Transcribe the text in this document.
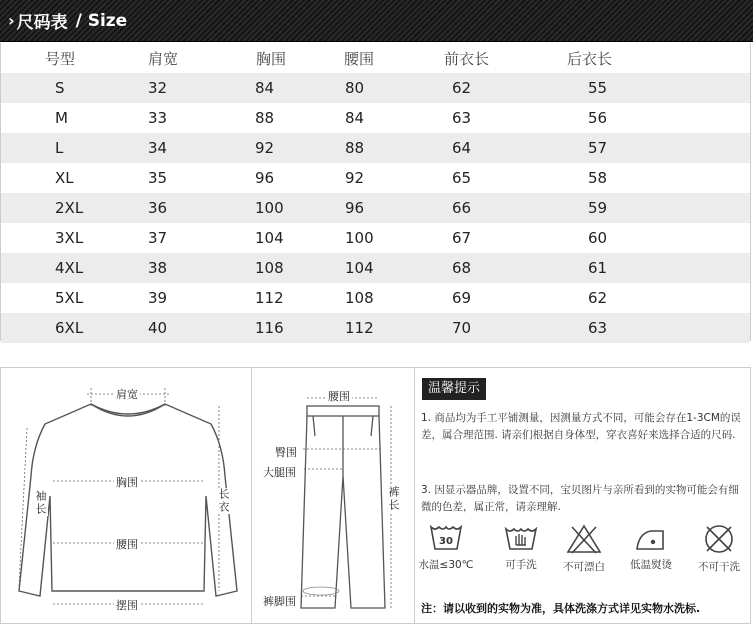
› 尺码表 / Size
号型	肩宽	胸围	腰围	前衣长	后衣长
S	32	84	80	62	55
M	33	88	84	63	56
L	34	92	88	64	57
XL	35	96	92	65	58
2XL	36	100	96	66	59
3XL	37	104	100	67	60
4XL	38	108	104	68	61
5XL	39	112	108	69	62
6XL	40	116	112	70	63
肩宽
胸围
腰围
摆围
袖长	长衣
腰围
臀围
大腿围
裤长
裤脚围
温馨提示
1. 商品均为手工平铺测量，因测量方式不同，可能会存在1-3CM的误差，属合理范围. 请亲们根据自身体型，穿衣喜好来选择合适的尺码.
3. 因显示器品牌，设置不同，宝贝图片与亲所看到的实物可能会有细微的色差，属正常，请亲理解.
30
水温≤30℃	可手洗	不可漂白	低温熨烫	不可干洗
注：请以收到的实物为准，具体洗涤方式详见实物水洗标.
